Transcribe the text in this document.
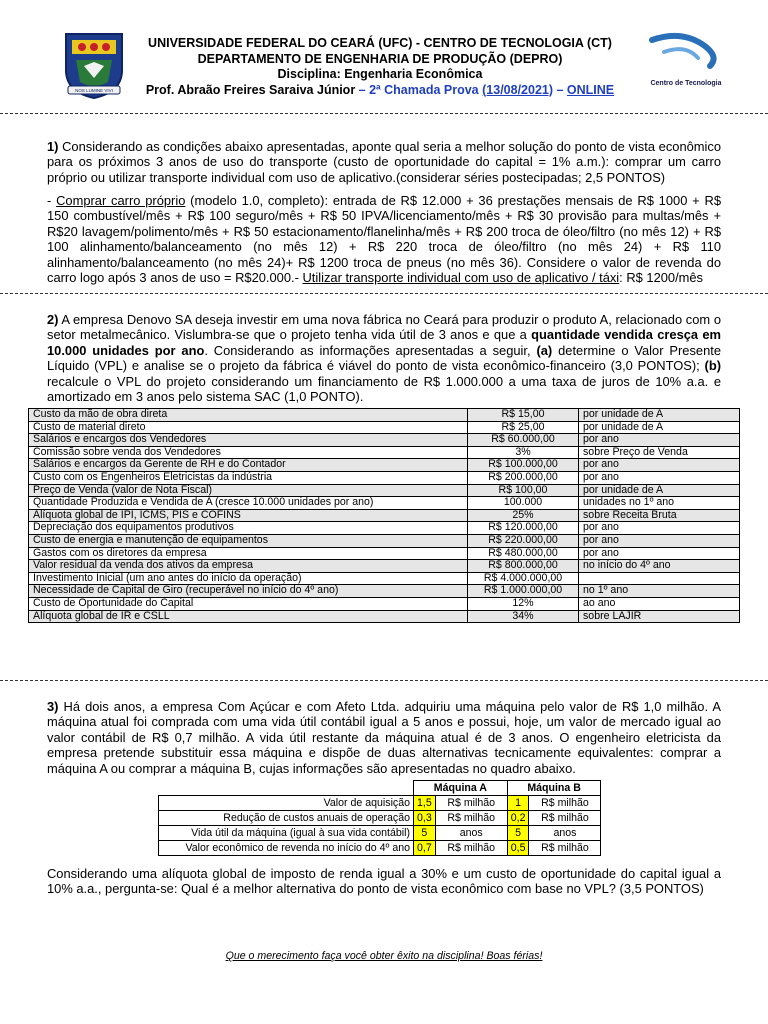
NOS LUMINE VIVI
Centro de Tecnologia
UNIVERSIDADE FEDERAL DO CEARÁ (UFC) - CENTRO DE TECNOLOGIA (CT)
DEPARTAMENTO DE ENGENHARIA DE PRODUÇÃO (DEPRO)
Disciplina: Engenharia Econômica
Prof. Abraão Freires Saraiva Júnior – 2ª Chamada Prova (13/08/2021) – ONLINE
1) Considerando as condições abaixo apresentadas, aponte qual seria a melhor solução do ponto de vista econômico para os próximos 3 anos de uso do transporte (custo de oportunidade do capital = 1% a.m.): comprar um carro próprio ou utilizar transporte individual com uso de aplicativo.(considerar séries postecipadas; 2,5 PONTOS)
- Comprar carro próprio (modelo 1.0, completo): entrada de R$ 12.000 + 36 prestações mensais de R$ 1000 + R$ 150 combustível/mês + R$ 100 seguro/mês + R$ 50 IPVA/licenciamento/mês + R$ 30 provisão para multas/mês + R$20 lavagem/polimento/mês + R$ 50 estacionamento/flanelinha/mês + R$ 200 troca de óleo/filtro (no mês 12) + R$ 100 alinhamento/balanceamento (no mês 12) + R$ 220 troca de óleo/filtro (no mês 24) + R$ 110 alinhamento/balanceamento (no mês 24)+ R$ 1200 troca de pneus (no mês 36). Considere o valor de revenda do carro logo após 3 anos de uso = R$20.000.- Utilizar transporte individual com uso de aplicativo / táxi: R$ 1200/mês
2) A empresa Denovo SA deseja investir em uma nova fábrica no Ceará para produzir o produto A, relacionado com o setor metalmecânico. Vislumbra-se que o projeto tenha vida útil de 3 anos e que a quantidade vendida cresça em 10.000 unidades por ano. Considerando as informações apresentadas a seguir, (a) determine o Valor Presente Líquido (VPL) e analise se o projeto da fábrica é viável do ponto de vista econômico-financeiro (3,0 PONTOS); (b) recalcule o VPL do projeto considerando um financiamento de R$ 1.000.000 a uma taxa de juros de 10% a.a. e amortizado em 3 anos pelo sistema SAC (1,0 PONTO).
Custo da mão de obra direta	R$ 15,00	por unidade de A
Custo de material direto	R$ 25,00	por unidade de A
Salários e encargos dos Vendedores	R$ 60.000,00	por ano
Comissão sobre venda dos Vendedores	3%	sobre Preço de Venda
Salários e encargos da Gerente de RH e do Contador	R$ 100.000,00	por ano
Custo com os Engenheiros Eletricistas da indústria	R$ 200.000,00	por ano
Preço de Venda (valor de Nota Fiscal)	R$ 100,00	por unidade de A
Quantidade Produzida e Vendida de A (cresce 10.000 unidades por ano)	100.000	unidades no 1º ano
Alíquota global de IPI, ICMS, PIS e COFINS	25%	sobre Receita Bruta
Depreciação dos equipamentos produtivos	R$ 120.000,00	por ano
Custo de energia e manutenção de equipamentos	R$ 220.000,00	por ano
Gastos com os diretores da empresa	R$ 480.000,00	por ano
Valor residual da venda dos ativos da empresa	R$ 800.000,00	no início do 4º ano
Investimento Inicial (um ano antes do início da operação)	R$ 4.000.000,00	
Necessidade de Capital de Giro (recuperável no início do 4º ano)	R$ 1.000.000,00	no 1º ano
Custo de Oportunidade do Capital	12%	ao ano
Alíquota global de IR e CSLL	34%	sobre LAJIR
3) Há dois anos, a empresa Com Açúcar e com Afeto Ltda. adquiriu uma máquina pelo valor de R$ 1,0 milhão. A máquina atual foi comprada com uma vida útil contábil igual a 5 anos e possui, hoje, um valor de mercado igual ao valor contábil de R$ 0,7 milhão. A vida útil restante da máquina atual é de 3 anos. O engenheiro eletricista da empresa pretende substituir essa máquina e dispõe de duas alternativas tecnicamente equivalentes: comprar a máquina A ou comprar a máquina B, cujas informações são apresentadas no quadro abaixo.
	Máquina A		Máquina B	
Valor de aquisição	1,5	R$ milhão	1	R$ milhão
Redução de custos anuais de operação	0,3	R$ milhão	0,2	R$ milhão
Vida útil da máquina (igual à sua vida contábil)	5	anos	5	anos
Valor econômico de revenda no início do 4º ano	0,7	R$ milhão	0,5	R$ milhão
Considerando uma alíquota global de imposto de renda igual a 30% e um custo de oportunidade do capital igual a 10% a.a., pergunta-se: Qual é a melhor alternativa do ponto de vista econômico com base no VPL? (3,5 PONTOS)
Que o merecimento faça você obter êxito na disciplina! Boas férias!
